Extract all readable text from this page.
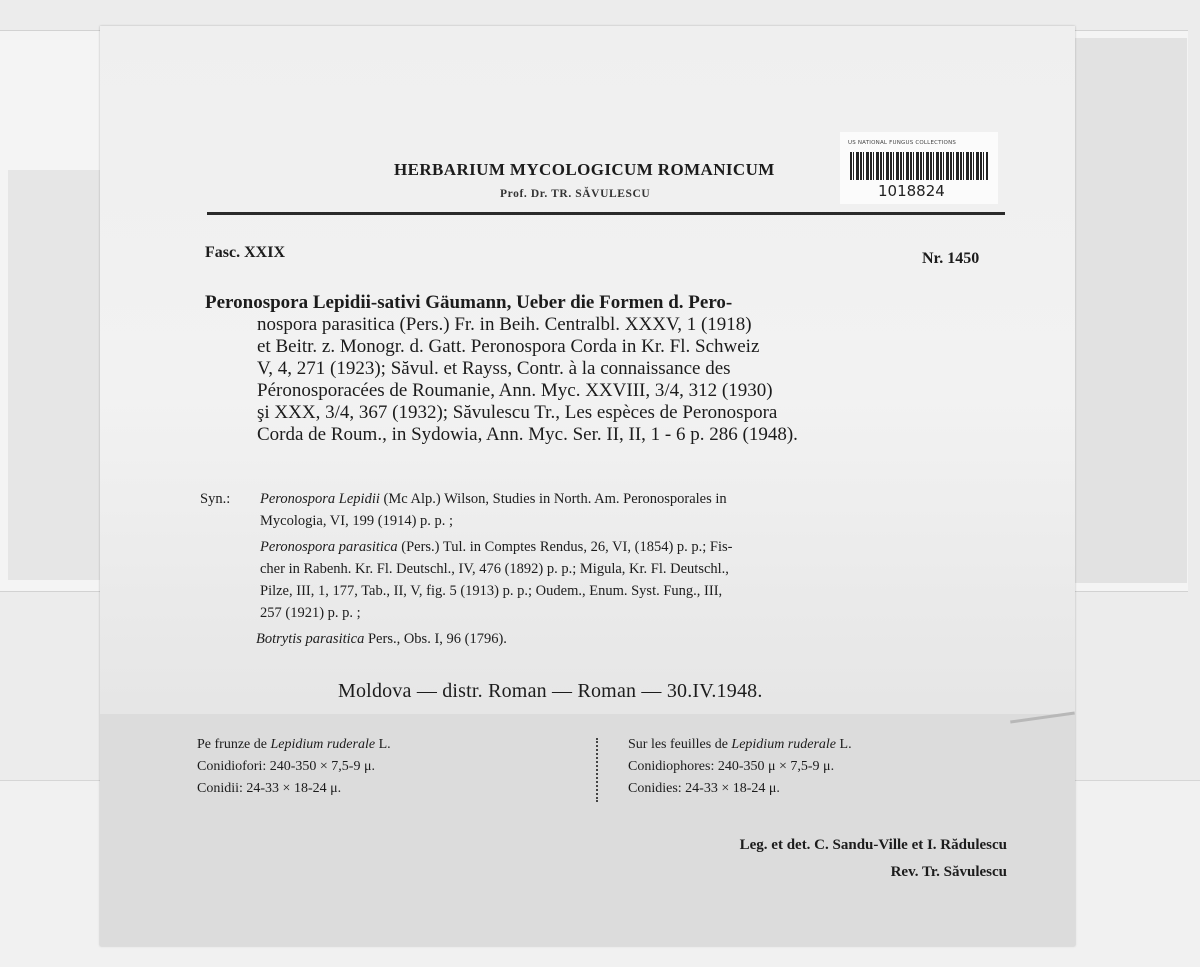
HERBARIUM MYCOLOGICUM ROMANICUM
Prof. Dr. TR. SĂVULESCU
US NATIONAL FUNGUS COLLECTIONS
1018824
Fasc. XXIX	Nr. 1450
Peronospora Lepidii-sativi Gäumann, Ueber die Formen d. Pero-
nospora parasitica (Pers.) Fr. in Beih. Centralbl. XXXV, 1 (1918)
et Beitr. z. Monogr. d. Gatt. Peronospora Corda in Kr. Fl. Schweiz
V, 4, 271 (1923); Săvul. et Rayss, Contr. à la connaissance des
Péronosporacées de Roumanie, Ann. Myc. XXVIII, 3/4, 312 (1930)
şi XXX, 3/4, 367 (1932); Săvulescu Tr., Les espèces de Peronospora
Corda de Roum., in Sydowia, Ann. Myc. Ser. II, II, 1 - 6 p. 286 (1948).
Syn.: Peronospora Lepidii (Mc Alp.) Wilson, Studies in North. Am. Peronosporales in
Mycologia, VI, 199 (1914) p. p. ;
Peronospora parasitica (Pers.) Tul. in Comptes Rendus, 26, VI, (1854) p. p.; Fis-
cher in Rabenh. Kr. Fl. Deutschl., IV, 476 (1892) p. p.; Migula, Kr. Fl. Deutschl.,
Pilze, III, 1, 177, Tab., II, V, fig. 5 (1913) p. p.; Oudem., Enum. Syst. Fung., III,
257 (1921) p. p. ;
Botrytis parasitica Pers., Obs. I, 96 (1796).
Moldova — distr. Roman — Roman — 30.IV.1948.
Pe frunze de Lepidium ruderale L.
Conidiofori: 240-350 × 7,5-9 μ.
Conidii: 24-33 × 18-24 μ.
Sur les feuilles de Lepidium ruderale L.
Conidiophores: 240-350 μ × 7,5-9 μ.
Conidies: 24-33 × 18-24 μ.
Leg. et det. C. Sandu-Ville et I. Rădulescu
Rev. Tr. Săvulescu
